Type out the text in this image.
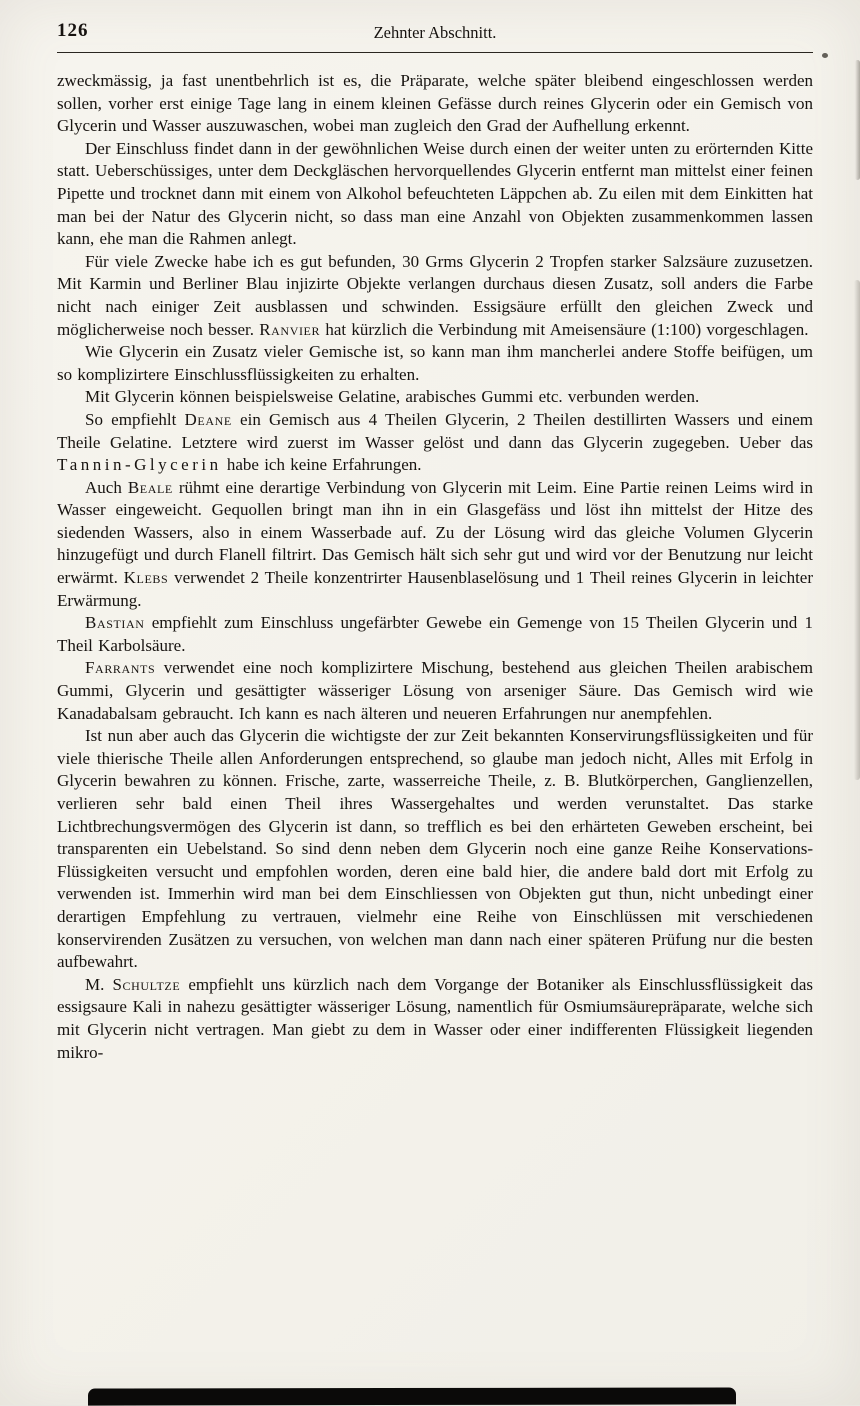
126	Zehnter Abschnitt.

zweckmässig, ja fast unentbehrlich ist es, die Präparate, welche später bleibend eingeschlossen werden sollen, vorher erst einige Tage lang in einem kleinen Gefässe durch reines Glycerin oder ein Gemisch von Glycerin und Wasser auszuwaschen, wobei man zugleich den Grad der Aufhellung erkennt.

Der Einschluss findet dann in der gewöhnlichen Weise durch einen der weiter unten zu erörternden Kitte statt. Ueberschüssiges, unter dem Deckgläschen hervorquellendes Glycerin entfernt man mittelst einer feinen Pipette und trocknet dann mit einem von Alkohol befeuchteten Läppchen ab. Zu eilen mit dem Einkitten hat man bei der Natur des Glycerin nicht, so dass man eine Anzahl von Objekten zusammenkommen lassen kann, ehe man die Rahmen anlegt.

Für viele Zwecke habe ich es gut befunden, 30 Grms Glycerin 2 Tropfen starker Salzsäure zuzusetzen. Mit Karmin und Berliner Blau injizirte Objekte verlangen durchaus diesen Zusatz, soll anders die Farbe nicht nach einiger Zeit ausblassen und schwinden. Essigsäure erfüllt den gleichen Zweck und möglicherweise noch besser. Ranvier hat kürzlich die Verbindung mit Ameisensäure (1:100) vorgeschlagen.

Wie Glycerin ein Zusatz vieler Gemische ist, so kann man ihm mancherlei andere Stoffe beifügen, um so komplizirtere Einschlussflüssigkeiten zu erhalten.

Mit Glycerin können beispielsweise Gelatine, arabisches Gummi etc. verbunden werden.

So empfiehlt Deane ein Gemisch aus 4 Theilen Glycerin, 2 Theilen destillirten Wassers und einem Theile Gelatine. Letztere wird zuerst im Wasser gelöst und dann das Glycerin zugegeben. Ueber das Tannin-Glycerin habe ich keine Erfahrungen.

Auch Beale rühmt eine derartige Verbindung von Glycerin mit Leim. Eine Partie reinen Leims wird in Wasser eingeweicht. Gequollen bringt man ihn in ein Glasgefäss und löst ihn mittelst der Hitze des siedenden Wassers, also in einem Wasserbade auf. Zu der Lösung wird das gleiche Volumen Glycerin hinzugefügt und durch Flanell filtrirt. Das Gemisch hält sich sehr gut und wird vor der Benutzung nur leicht erwärmt. Klebs verwendet 2 Theile konzentrirter Hausenblaselösung und 1 Theil reines Glycerin in leichter Erwärmung.

Bastian empfiehlt zum Einschluss ungefärbter Gewebe ein Gemenge von 15 Theilen Glycerin und 1 Theil Karbolsäure.

Farrants verwendet eine noch komplizirtere Mischung, bestehend aus gleichen Theilen arabischem Gummi, Glycerin und gesättigter wässeriger Lösung von arseniger Säure. Das Gemisch wird wie Kanadabalsam gebraucht. Ich kann es nach älteren und neueren Erfahrungen nur anempfehlen.

Ist nun aber auch das Glycerin die wichtigste der zur Zeit bekannten Konservirungsflüssigkeiten und für viele thierische Theile allen Anforderungen entsprechend, so glaube man jedoch nicht, Alles mit Erfolg in Glycerin bewahren zu können. Frische, zarte, wasserreiche Theile, z. B. Blutkörperchen, Ganglienzellen, verlieren sehr bald einen Theil ihres Wassergehaltes und werden verunstaltet. Das starke Lichtbrechungsvermögen des Glycerin ist dann, so trefflich es bei den erhärteten Geweben erscheint, bei transparenten ein Uebelstand. So sind denn neben dem Glycerin noch eine ganze Reihe Konservations-Flüssigkeiten versucht und empfohlen worden, deren eine bald hier, die andere bald dort mit Erfolg zu verwenden ist. Immerhin wird man bei dem Einschliessen von Objekten gut thun, nicht unbedingt einer derartigen Empfehlung zu vertrauen, vielmehr eine Reihe von Einschlüssen mit verschiedenen konservirenden Zusätzen zu versuchen, von welchen man dann nach einer späteren Prüfung nur die besten aufbewahrt.

M. Schultze empfiehlt uns kürzlich nach dem Vorgange der Botaniker als Einschlussflüssigkeit das essigsaure Kali in nahezu gesättigter wässeriger Lösung, namentlich für Osmiumsäurepräparate, welche sich mit Glycerin nicht vertragen. Man giebt zu dem in Wasser oder einer indifferenten Flüssigkeit liegenden mikro-
